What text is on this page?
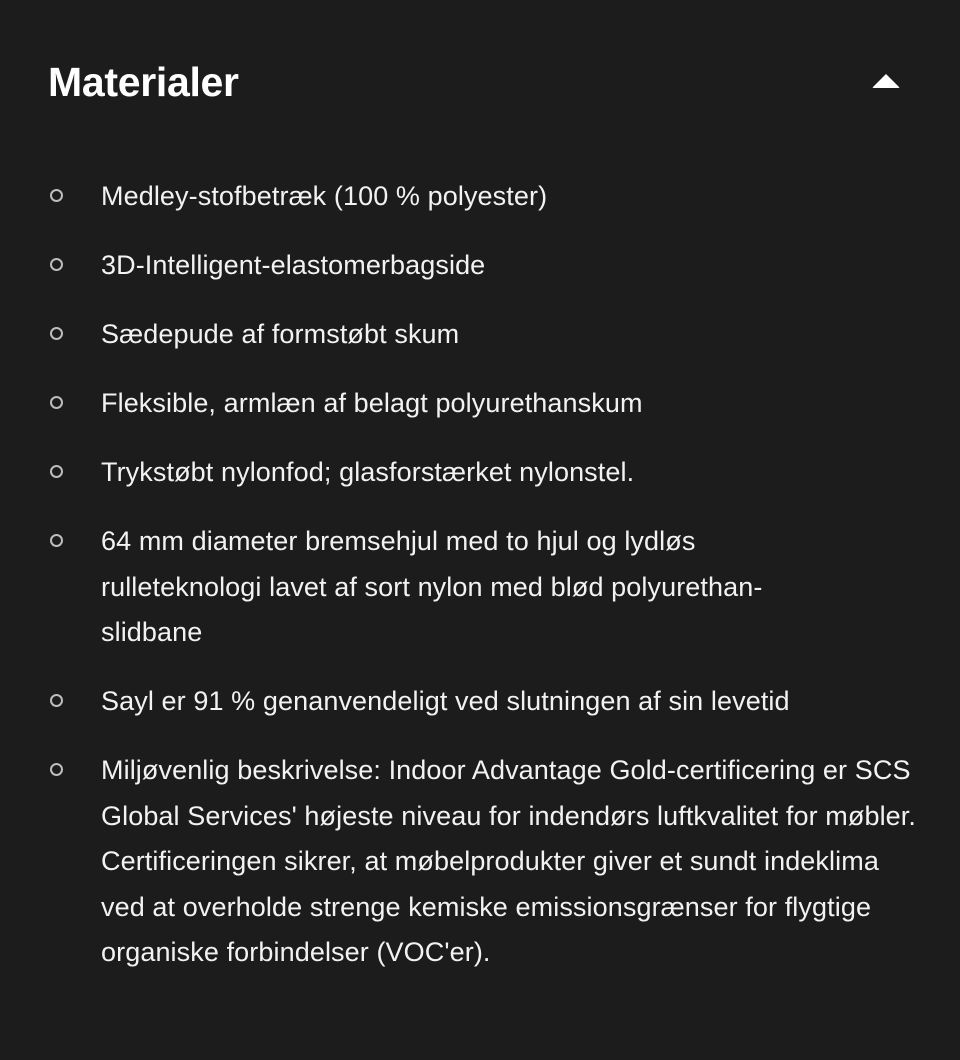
Materialer
Medley-stofbetræk (100 % polyester)
3D-Intelligent-elastomerbagside
Sædepude af formstøbt skum
Fleksible, armlæn af belagt polyurethanskum
Trykstøbt nylonfod; glasforstærket nylonstel.
64 mm diameter bremsehjul med to hjul og lydløs rulleteknologi lavet af sort nylon med blød polyurethan-slidbane
Sayl er 91 % genanvendeligt ved slutningen af sin levetid
Miljøvenlig beskrivelse: Indoor Advantage Gold-certificering er SCS Global Services' højeste niveau for indendørs luftkvalitet for møbler. Certificeringen sikrer, at møbelprodukter giver et sundt indeklima ved at overholde strenge kemiske emissionsgrænser for flygtige organiske forbindelser (VOC'er).
